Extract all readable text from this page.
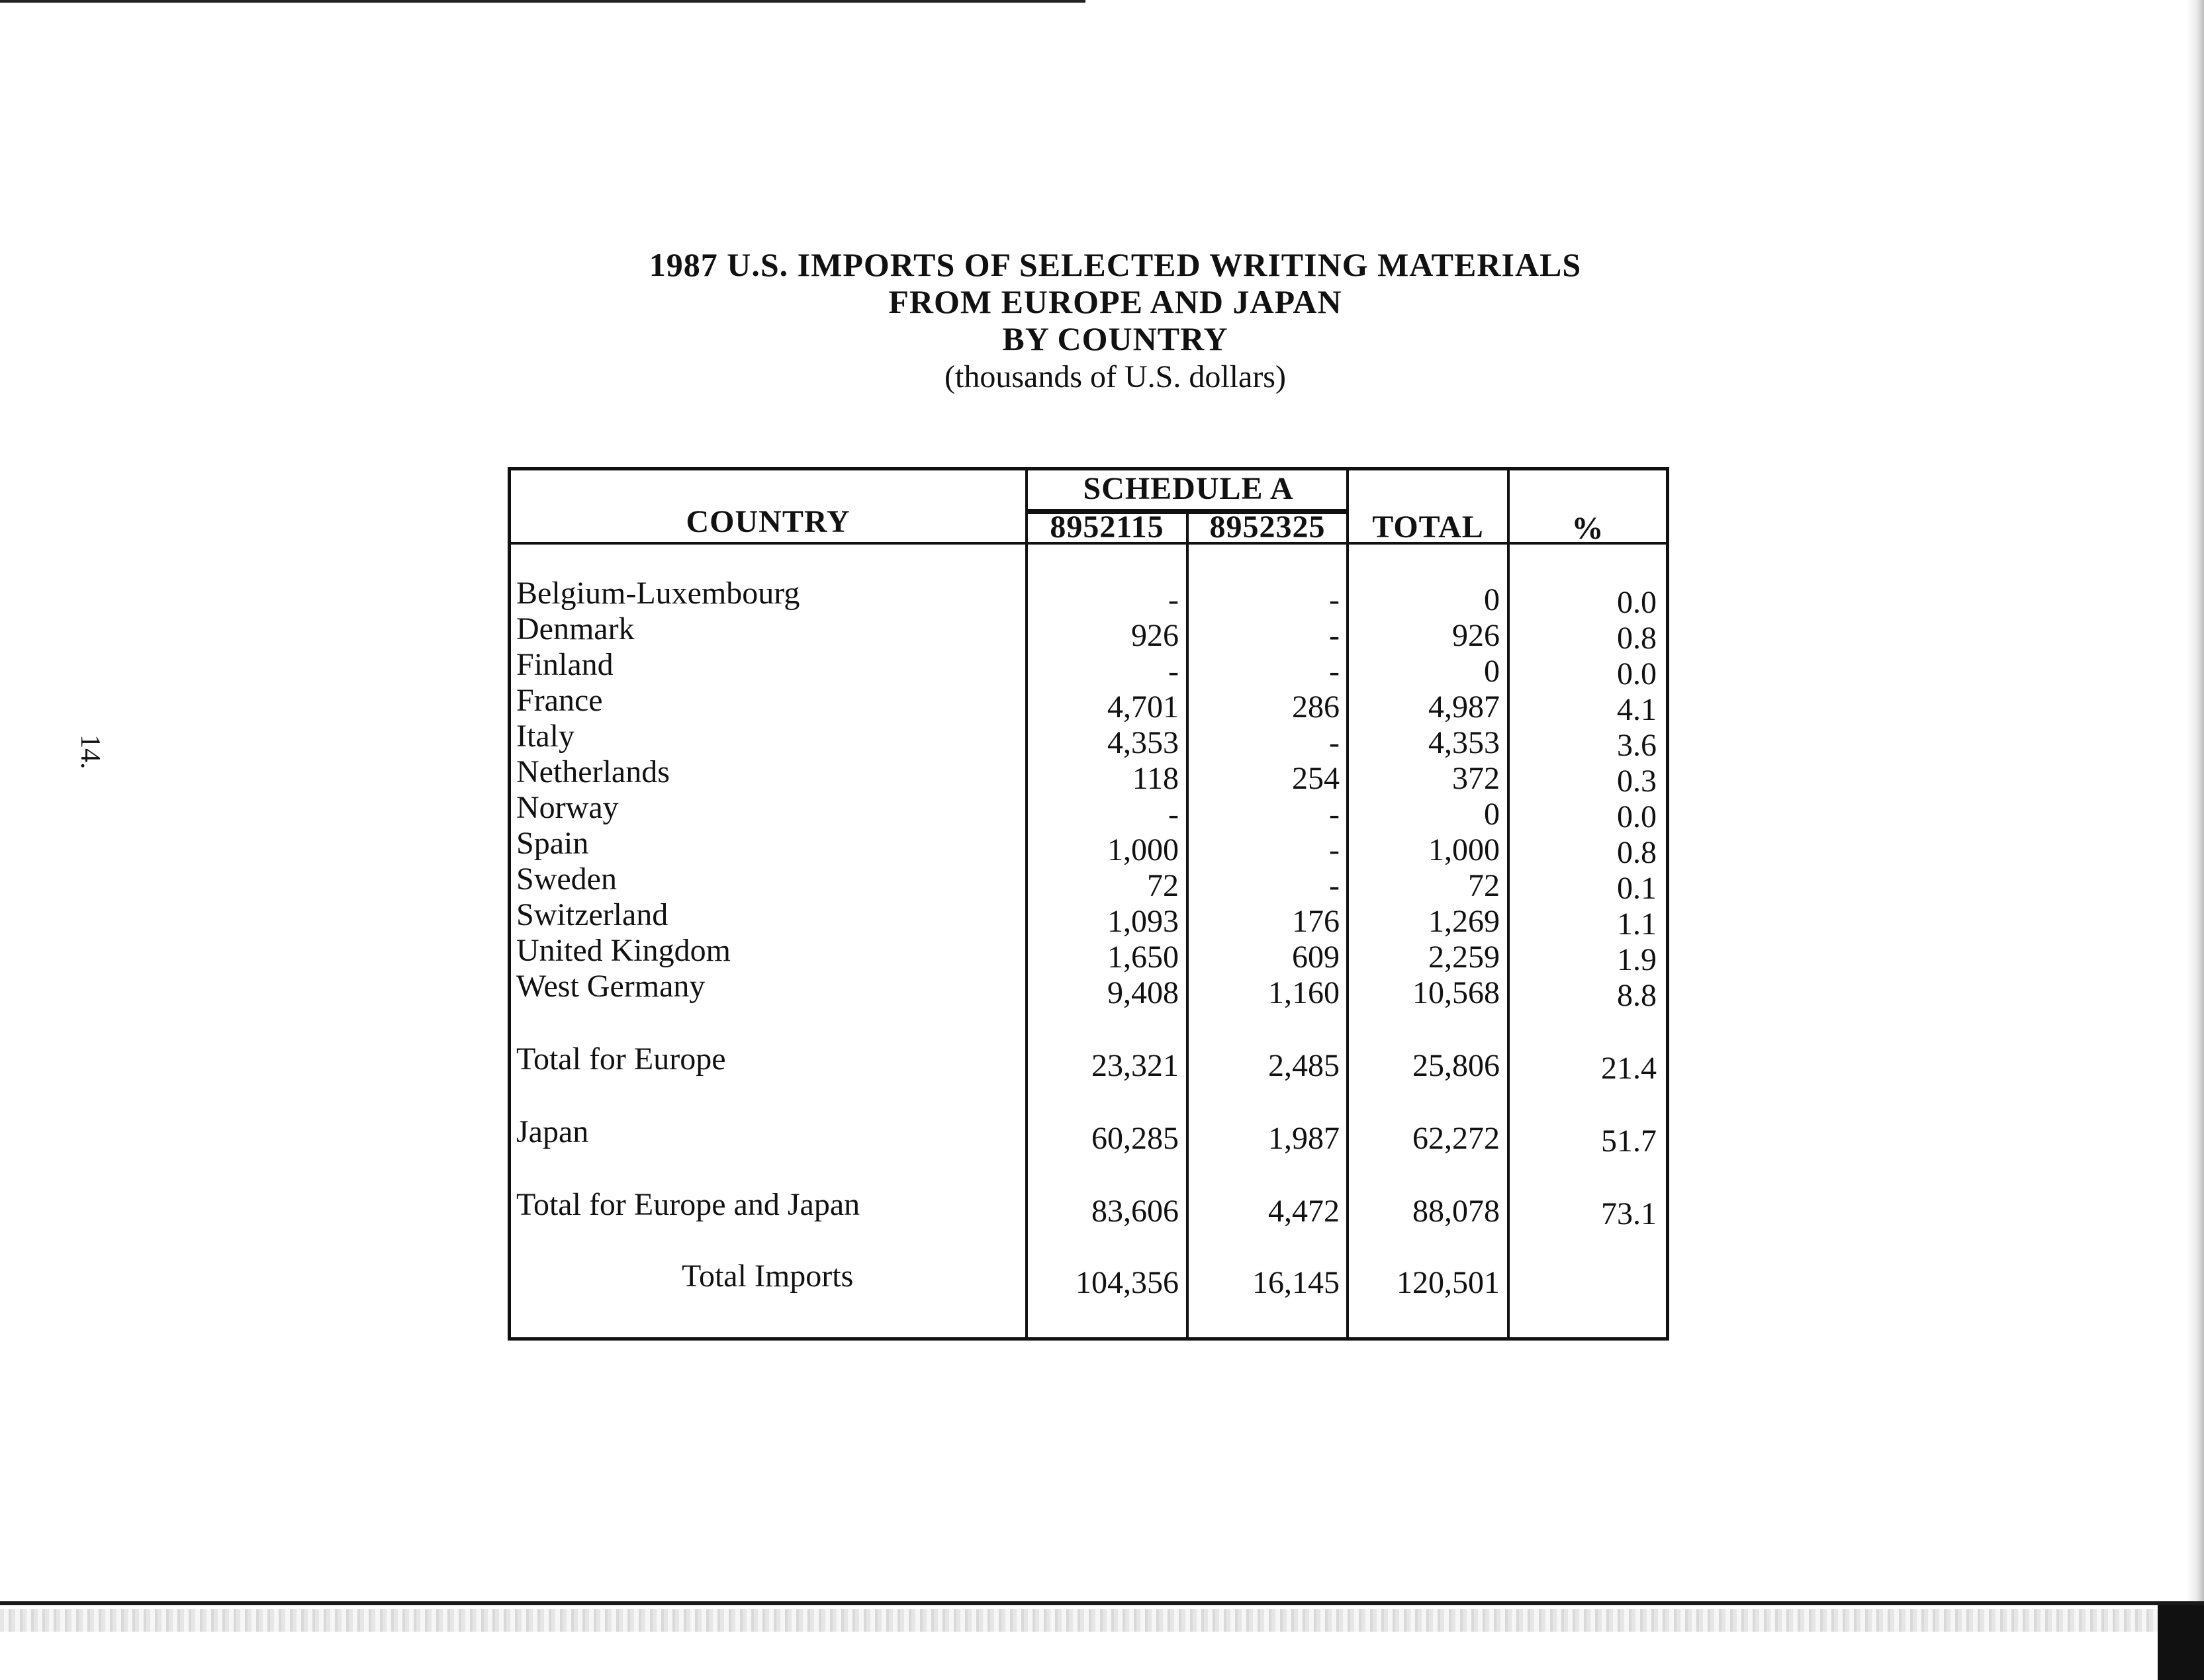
14.
1987 U.S. IMPORTS OF SELECTED WRITING MATERIALS
FROM EUROPE AND JAPAN
BY COUNTRY
(thousands of U.S. dollars)
COUNTRY
SCHEDULE A
8952115	8952325	TOTAL	%
Belgium-Luxembourg	-	-	0	0.0
Denmark	926	-	926	0.8
Finland	-	-	0	0.0
France	4,701	286	4,987	4.1
Italy	4,353	-	4,353	3.6
Netherlands	118	254	372	0.3
Norway	-	-	0	0.0
Spain	1,000	-	1,000	0.8
Sweden	72	-	72	0.1
Switzerland	1,093	176	1,269	1.1
United Kingdom	1,650	609	2,259	1.9
West Germany	9,408	1,160	10,568	8.8
Total for Europe	23,321	2,485	25,806	21.4
Japan	60,285	1,987	62,272	51.7
Total for Europe and Japan	83,606	4,472	88,078	73.1
Total Imports	104,356	16,145	120,501
